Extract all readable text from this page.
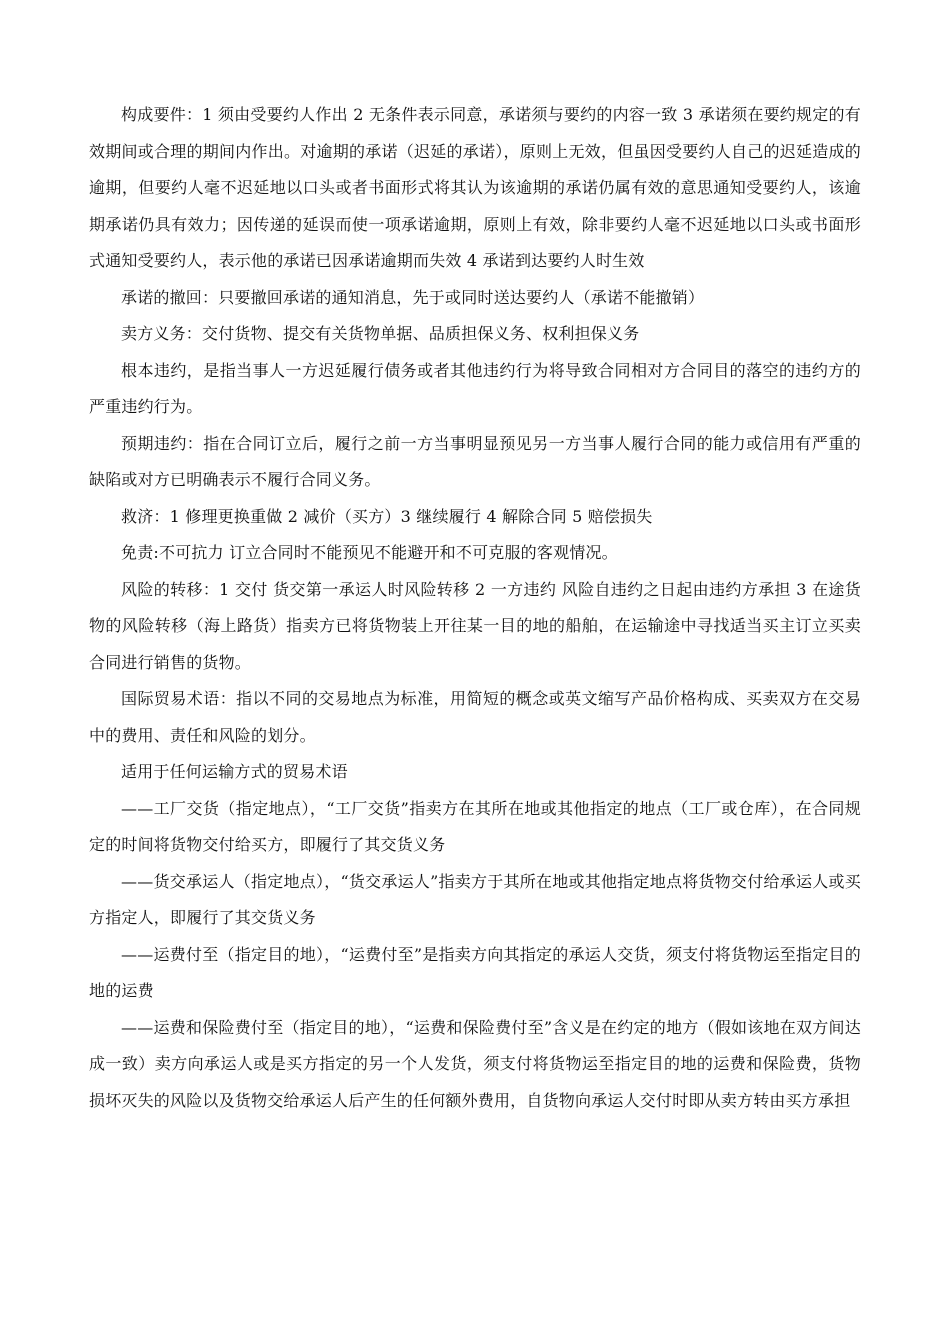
构成要件：1 须由受要约人作出 2 无条件表示同意，承诺须与要约的内容一致 3 承诺须在要约规定的有效期间或合理的期间内作出。对逾期的承诺（迟延的承诺），原则上无效，但虽因受要约人自己的迟延造成的逾期，但要约人毫不迟延地以口头或者书面形式将其认为该逾期的承诺仍属有效的意思通知受要约人，该逾期承诺仍具有效力；因传递的延误而使一项承诺逾期，原则上有效，除非要约人毫不迟延地以口头或书面形式通知受要约人，表示他的承诺已因承诺逾期而失效 4 承诺到达要约人时生效

承诺的撤回：只要撤回承诺的通知消息，先于或同时送达要约人（承诺不能撤销）

卖方义务：交付货物、提交有关货物单据、品质担保义务、权利担保义务

根本违约，是指当事人一方迟延履行债务或者其他违约行为将导致合同相对方合同目的落空的违约方的严重违约行为。

预期违约：指在合同订立后，履行之前一方当事明显预见另一方当事人履行合同的能力或信用有严重的缺陷或对方已明确表示不履行合同义务。

救济：1 修理更换重做 2 减价（买方）3 继续履行 4 解除合同 5 赔偿损失

免责:不可抗力 订立合同时不能预见不能避开和不可克服的客观情况。

风险的转移：1 交付 货交第一承运人时风险转移 2 一方违约 风险自违约之日起由违约方承担 3 在途货物的风险转移（海上路货）指卖方已将货物装上开往某一目的地的船舶，在运输途中寻找适当买主订立买卖合同进行销售的货物。

国际贸易术语：指以不同的交易地点为标准，用简短的概念或英文缩写产品价格构成、买卖双方在交易中的费用、责任和风险的划分。

适用于任何运输方式的贸易术语

——工厂交货（指定地点），“工厂交货”指卖方在其所在地或其他指定的地点（工厂或仓库），在合同规定的时间将货物交付给买方，即履行了其交货义务

——货交承运人（指定地点），“货交承运人”指卖方于其所在地或其他指定地点将货物交付给承运人或买方指定人，即履行了其交货义务

——运费付至（指定目的地），“运费付至”是指卖方向其指定的承运人交货，须支付将货物运至指定目的地的运费

——运费和保险费付至（指定目的地），“运费和保险费付至”含义是在约定的地方（假如该地在双方间达成一致）卖方向承运人或是买方指定的另一个人发货，须支付将货物运至指定目的地的运费和保险费，货物损坏灭失的风险以及货物交给承运人后产生的任何额外费用，自货物向承运人交付时即从卖方转由买方承担
